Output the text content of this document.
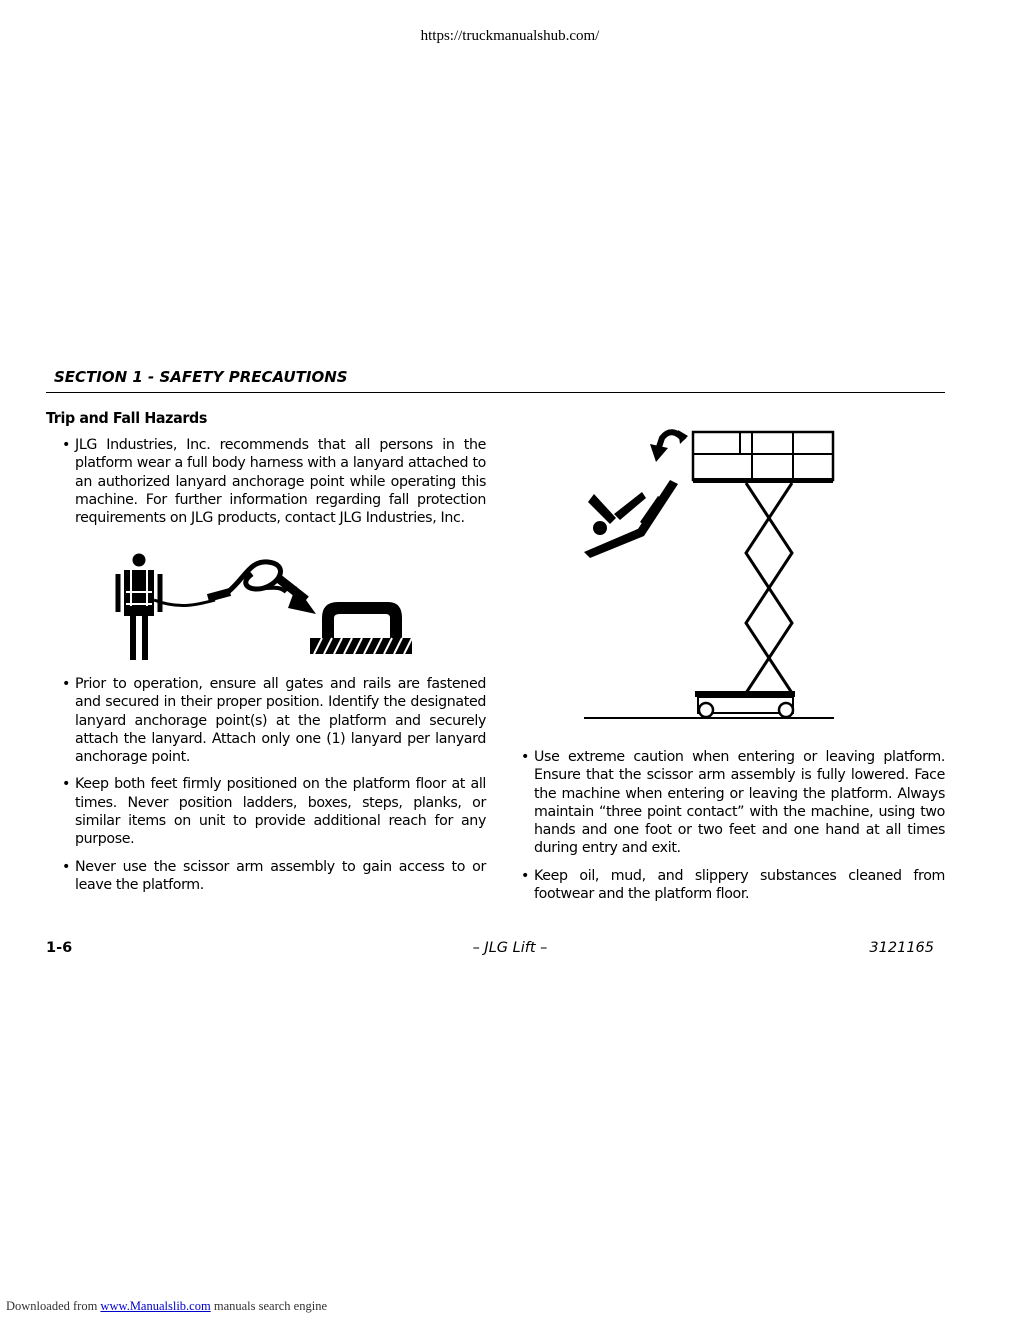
https://truckmanualshub.com/
SECTION 1 - SAFETY PRECAUTIONS
Trip and Fall Hazards
• JLG Industries, Inc. recommends that all persons in the platform wear a full body harness with a lanyard attached to an authorized lanyard anchorage point while operating this machine. For further information regarding fall protection requirements on JLG products, contact JLG Industries, Inc.
• Prior to operation, ensure all gates and rails are fastened and secured in their proper position. Identify the designated lanyard anchorage point(s) at the platform and securely attach the lanyard. Attach only one (1) lanyard per lanyard anchorage point.
• Keep both feet firmly positioned on the platform floor at all times. Never position ladders, boxes, steps, planks, or similar items on unit to provide additional reach for any purpose.
• Never use the scissor arm assembly to gain access to or leave the platform.
• Use extreme caution when entering or leaving platform. Ensure that the scissor arm assembly is fully lowered. Face the machine when entering or leaving the platform. Always maintain “three point contact” with the machine, using two hands and one foot or two feet and one hand at all times during entry and exit.
• Keep oil, mud, and slippery substances cleaned from footwear and the platform floor.
1-6	– JLG Lift –	3121165
Downloaded from www.Manualslib.com manuals search engine
